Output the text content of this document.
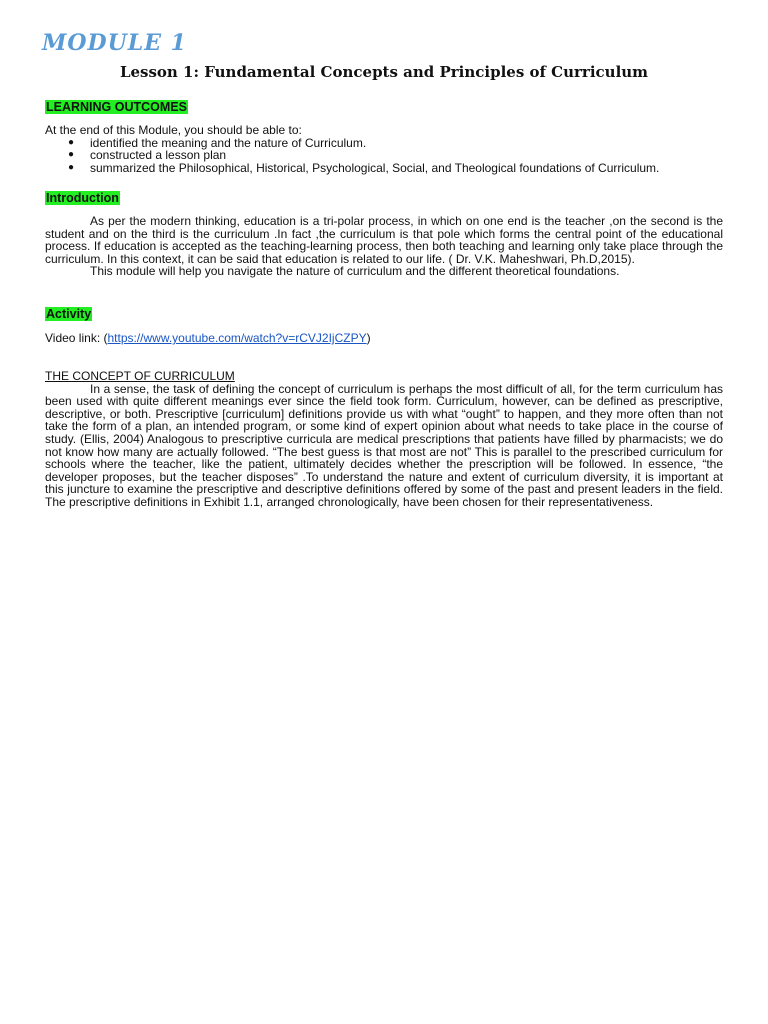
MODULE 1
Lesson 1: Fundamental Concepts and Principles of Curriculum
LEARNING OUTCOMES
At the end of this Module, you should be able to:
● identified the meaning and the nature of Curriculum.
● constructed a lesson plan
● summarized the Philosophical, Historical, Psychological, Social, and Theological foundations of Curriculum.
Introduction
As per the modern thinking, education is a tri-polar process, in which on one end is the teacher ,on the second is the student and on the third is the curriculum .In fact ,the curriculum is that pole which forms the central point of the educational process. If education is accepted as the teaching-learning process, then both teaching and learning only take place through the curriculum. In this context, it can be said that education is related to our life. ( Dr. V.K. Maheshwari, Ph.D,2015).
This module will help you navigate the nature of curriculum and the different theoretical foundations.
Activity
Video link: (https://www.youtube.com/watch?v=rCVJ2IjCZPY)
THE CONCEPT OF CURRICULUM
In a sense, the task of defining the concept of curriculum is perhaps the most difficult of all, for the term curriculum has been used with quite different meanings ever since the field took form. Curriculum, however, can be defined as prescriptive, descriptive, or both. Prescriptive [curriculum] definitions provide us with what “ought” to happen, and they more often than not take the form of a plan, an intended program, or some kind of expert opinion about what needs to take place in the course of study. (Ellis, 2004) Analogous to prescriptive curricula are medical prescriptions that patients have filled by pharmacists; we do not know how many are actually followed. “The best guess is that most are not” This is parallel to the prescribed curriculum for schools where the teacher, like the patient, ultimately decides whether the prescription will be followed. In essence, “the developer proposes, but the teacher disposes” .To understand the nature and extent of curriculum diversity, it is important at this juncture to examine the prescriptive and descriptive definitions offered by some of the past and present leaders in the field. The prescriptive definitions in Exhibit 1.1, arranged chronologically, have been chosen for their representativeness.
